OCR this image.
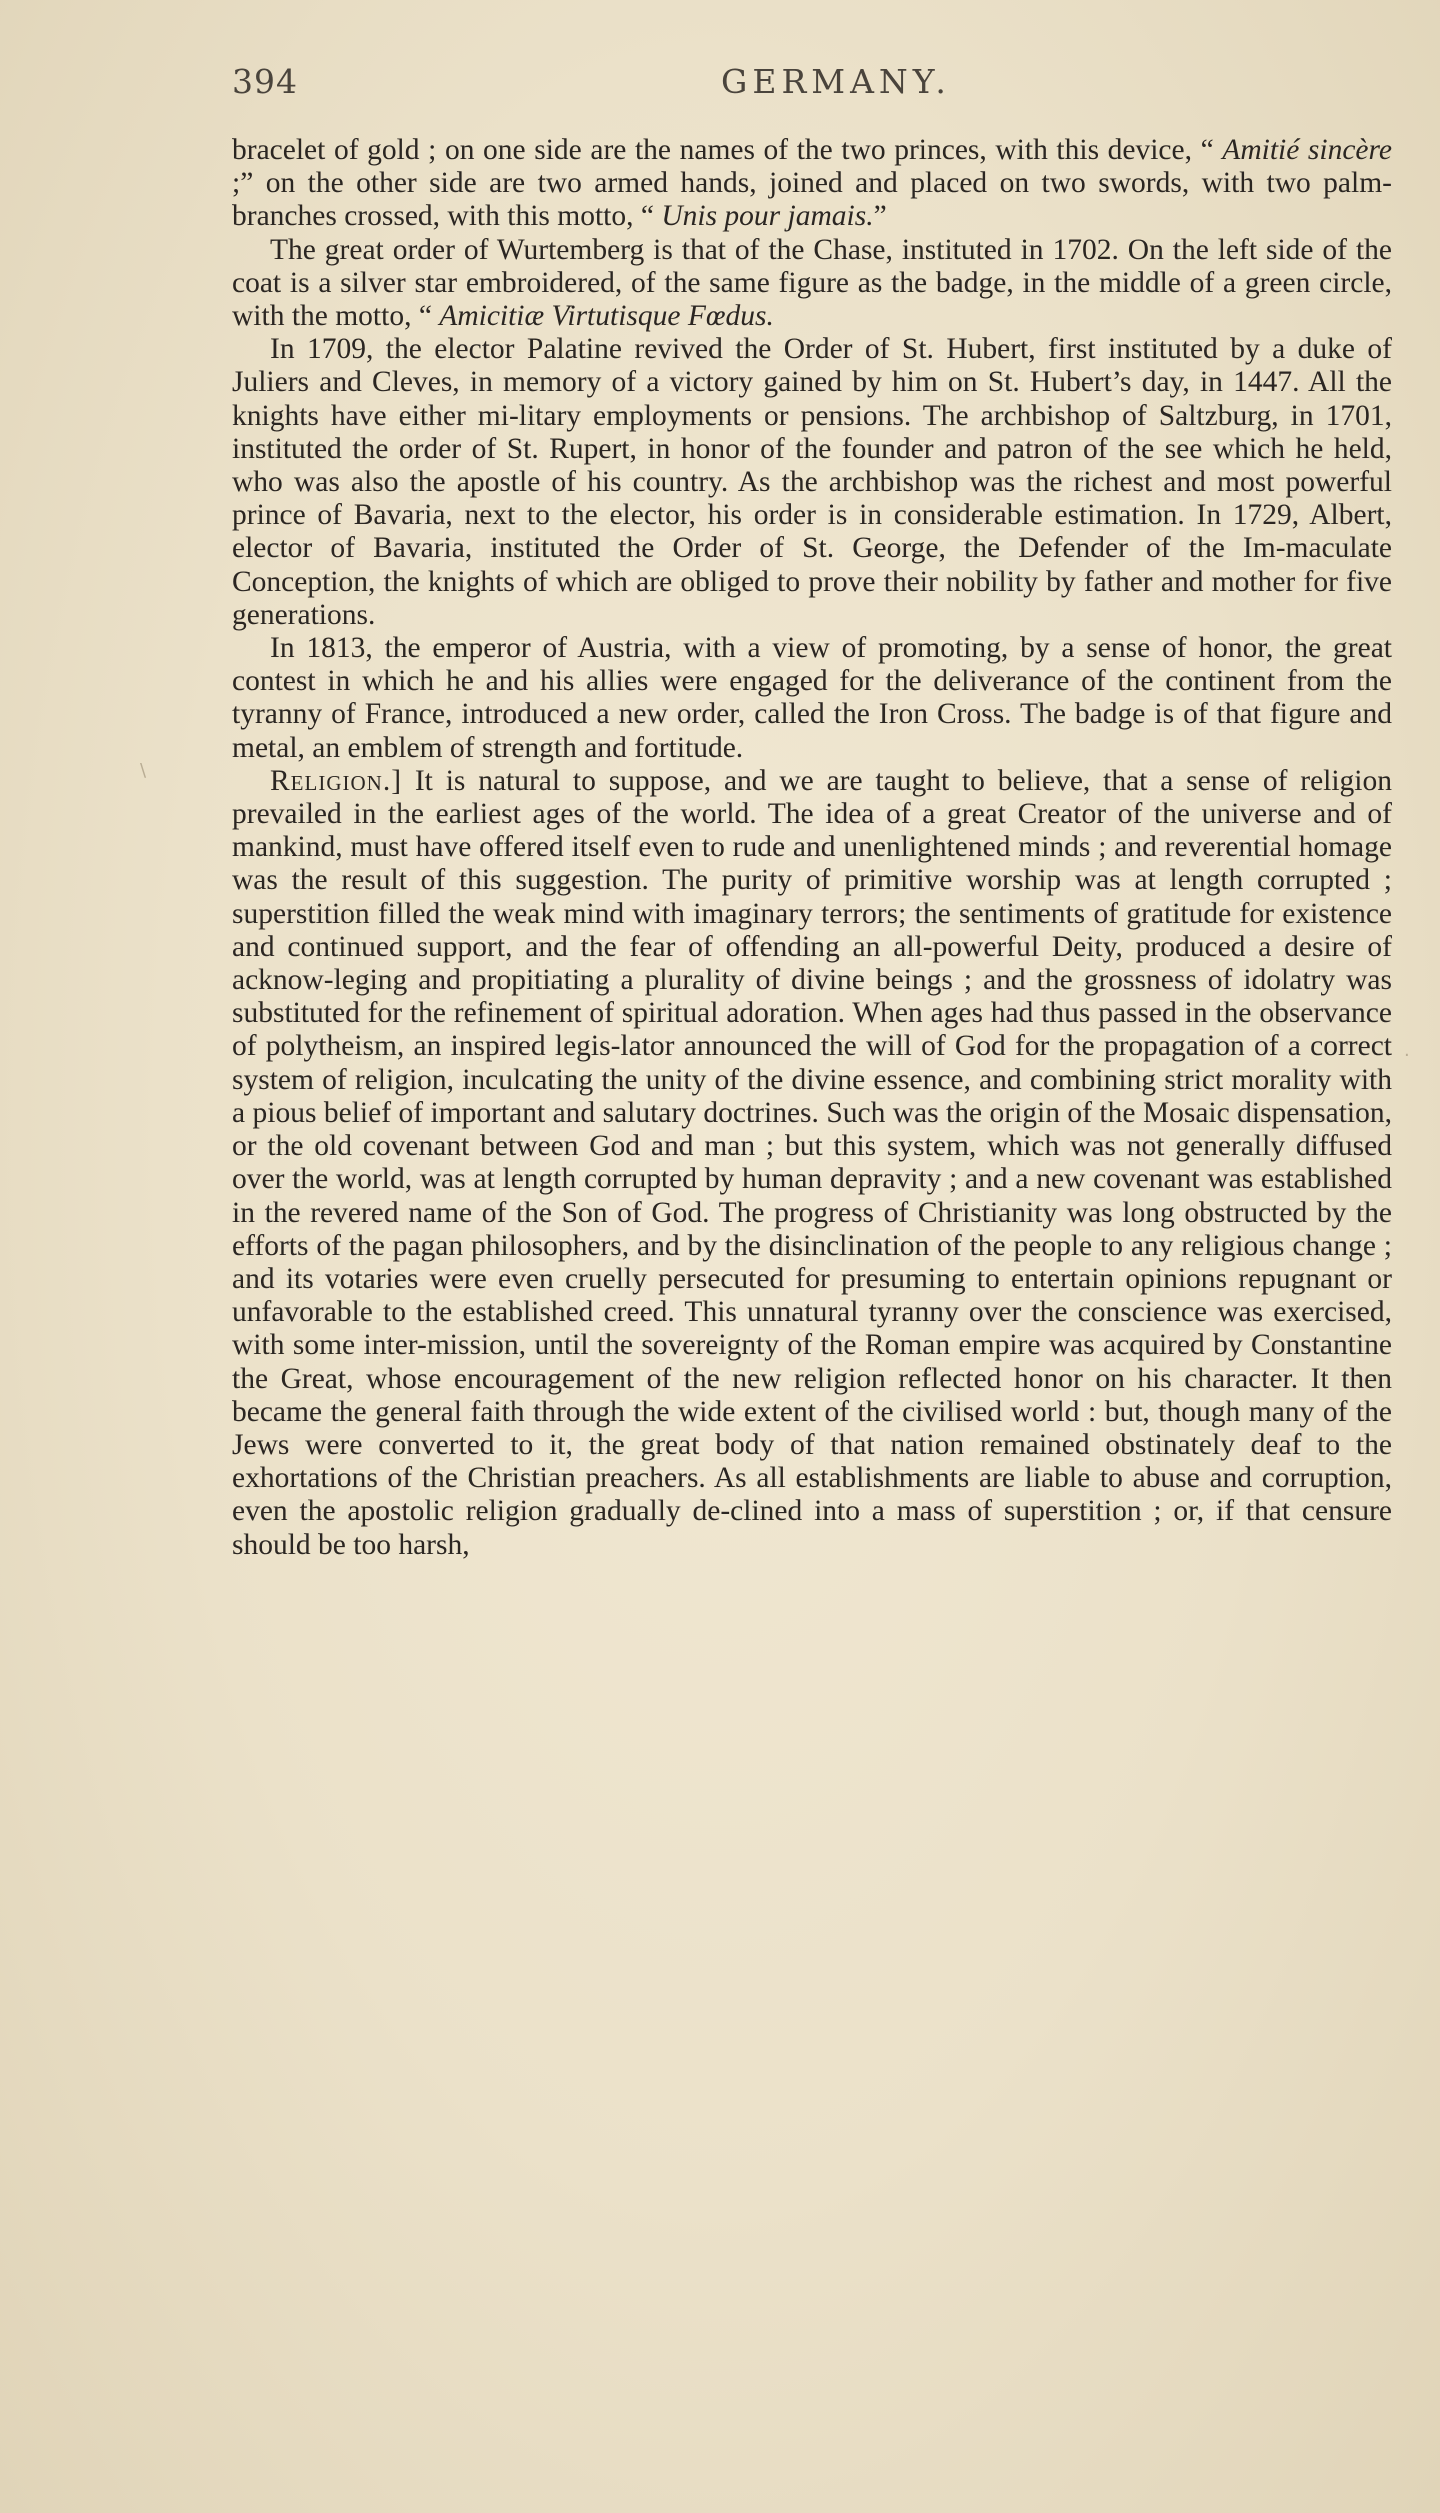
394	GERMANY.

bracelet of gold ; on one side are the names of the two princes, with this device, “ Amitié sincère ;” on the other side are two armed hands, joined and placed on two swords, with two palm-branches crossed, with this motto, “ Unis pour jamais.”

The great order of Wurtemberg is that of the Chase, instituted in 1702. On the left side of the coat is a silver star embroidered, of the same figure as the badge, in the middle of a green circle, with the motto, “ Amicitiæ Virtutisque Fœdus.

In 1709, the elector Palatine revived the Order of St. Hubert, first instituted by a duke of Juliers and Cleves, in memory of a victory gained by him on St. Hubert’s day, in 1447. All the knights have either mi-litary employments or pensions. The archbishop of Saltzburg, in 1701, instituted the order of St. Rupert, in honor of the founder and patron of the see which he held, who was also the apostle of his country. As the archbishop was the richest and most powerful prince of Bavaria, next to the elector, his order is in considerable estimation. In 1729, Albert, elector of Bavaria, instituted the Order of St. George, the Defender of the Im-maculate Conception, the knights of which are obliged to prove their nobility by father and mother for five generations.

In 1813, the emperor of Austria, with a view of promoting, by a sense of honor, the great contest in which he and his allies were engaged for the deliverance of the continent from the tyranny of France, introduced a new order, called the Iron Cross. The badge is of that figure and metal, an emblem of strength and fortitude.

Religion.] It is natural to suppose, and we are taught to believe, that a sense of religion prevailed in the earliest ages of the world. The idea of a great Creator of the universe and of mankind, must have offered itself even to rude and unenlightened minds ; and reverential homage was the result of this suggestion. The purity of primitive worship was at length corrupted ; superstition filled the weak mind with imaginary terrors; the sentiments of gratitude for existence and continued support, and the fear of offending an all-powerful Deity, produced a desire of acknow-leging and propitiating a plurality of divine beings ; and the grossness of idolatry was substituted for the refinement of spiritual adoration. When ages had thus passed in the observance of polytheism, an inspired legis-lator announced the will of God for the propagation of a correct system of religion, inculcating the unity of the divine essence, and combining strict morality with a pious belief of important and salutary doctrines. Such was the origin of the Mosaic dispensation, or the old covenant between God and man ; but this system, which was not generally diffused over the world, was at length corrupted by human depravity ; and a new covenant was established in the revered name of the Son of God. The progress of Christianity was long obstructed by the efforts of the pagan philosophers, and by the disinclination of the people to any religious change ; and its votaries were even cruelly persecuted for presuming to entertain opinions repugnant or unfavorable to the established creed. This unnatural tyranny over the conscience was exercised, with some inter-mission, until the sovereignty of the Roman empire was acquired by Constantine the Great, whose encouragement of the new religion reflected honor on his character. It then became the general faith through the wide extent of the civilised world : but, though many of the Jews were converted to it, the great body of that nation remained obstinately deaf to the exhortations of the Christian preachers. As all establishments are liable to abuse and corruption, even the apostolic religion gradually de-clined into a mass of superstition ; or, if that censure should be too harsh,

\
.
